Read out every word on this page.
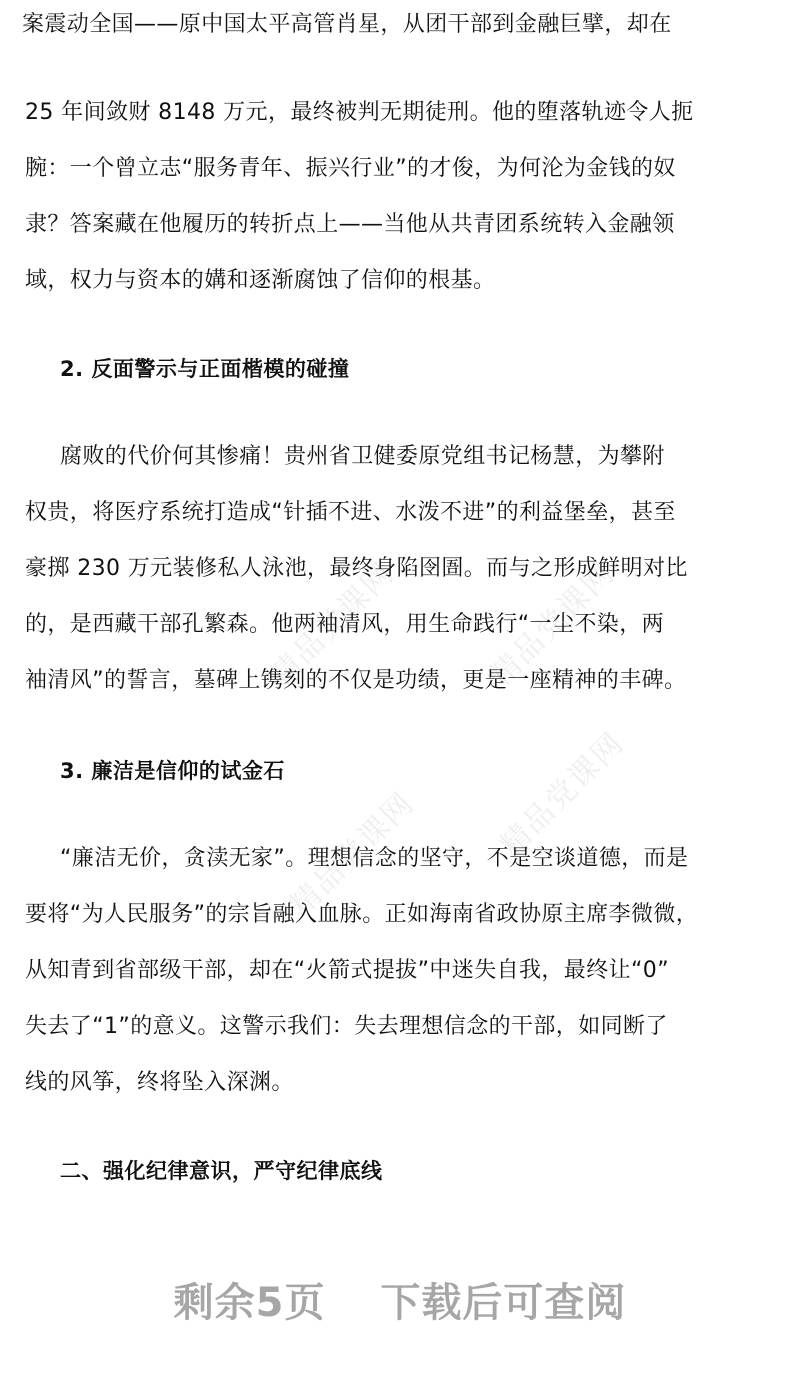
精品党课网	精品党课网
精品党课网 精品党课网
案震动全国——原中国太平高管肖星，从团干部到金融巨擘，却在
25 年间敛财 8148 万元，最终被判无期徒刑。他的堕落轨迹令人扼
腕：一个曾立志“服务青年、振兴行业”的才俊，为何沦为金钱的奴
隶？答案藏在他履历的转折点上——当他从共青团系统转入金融领
域，权力与资本的媾和逐渐腐蚀了信仰的根基。
2. 反面警示与正面楷模的碰撞
腐败的代价何其惨痛！贵州省卫健委原党组书记杨慧，为攀附
权贵，将医疗系统打造成“针插不进、水泼不进”的利益堡垒，甚至
豪掷 230 万元装修私人泳池，最终身陷囹圄。而与之形成鲜明对比
的，是西藏干部孔繁森。他两袖清风，用生命践行“一尘不染，两
袖清风”的誓言，墓碑上镌刻的不仅是功绩，更是一座精神的丰碑。
3. 廉洁是信仰的试金石
“廉洁无价，贪渎无家”。理想信念的坚守，不是空谈道德，而是
要将“为人民服务”的宗旨融入血脉。正如海南省政协原主席李微微，
从知青到省部级干部，却在“火箭式提拔”中迷失自我，最终让“0”
失去了“1”的意义。这警示我们：失去理想信念的干部，如同断了
线的风筝，终将坠入深渊。
二、强化纪律意识，严守纪律底线
剩余5页 下载后可查阅
